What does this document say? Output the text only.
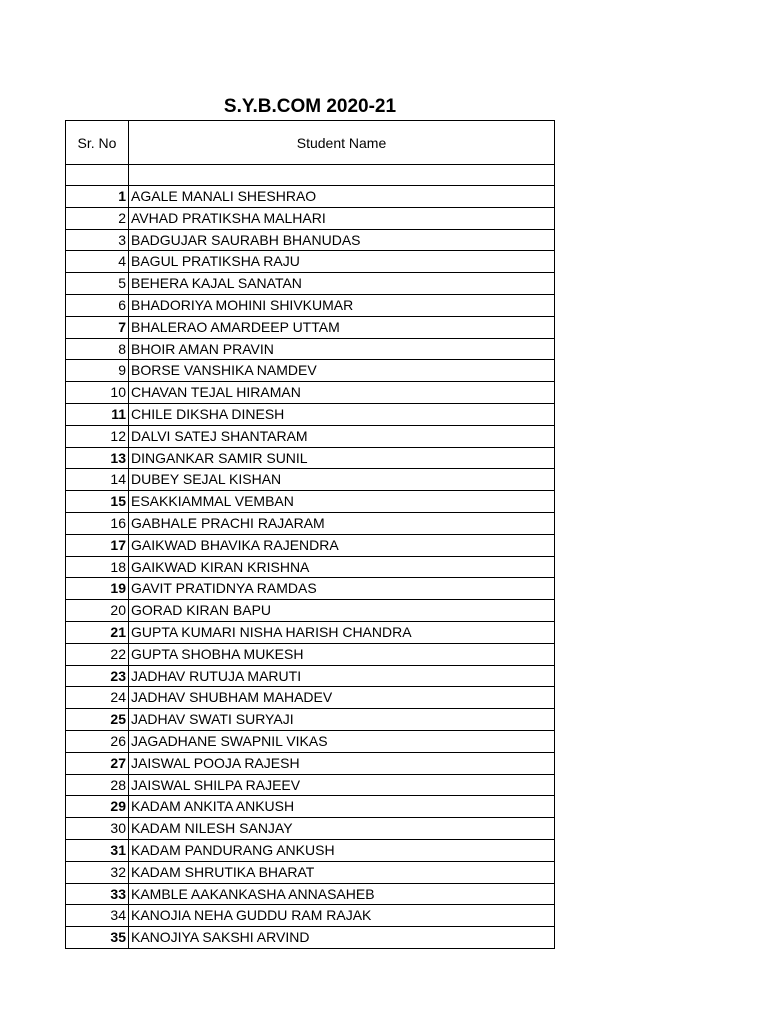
S.Y.B.COM 2020-21
Sr. No	Student Name

1	AGALE MANALI SHESHRAO
2	AVHAD PRATIKSHA MALHARI
3	BADGUJAR SAURABH BHANUDAS
4	BAGUL PRATIKSHA RAJU
5	BEHERA KAJAL SANATAN
6	BHADORIYA MOHINI SHIVKUMAR
7	BHALERAO AMARDEEP UTTAM
8	BHOIR AMAN PRAVIN
9	BORSE VANSHIKA NAMDEV
10	CHAVAN TEJAL HIRAMAN
11	CHILE DIKSHA DINESH
12	DALVI SATEJ SHANTARAM
13	DINGANKAR SAMIR SUNIL
14	DUBEY SEJAL KISHAN
15	ESAKKIAMMAL VEMBAN
16	GABHALE PRACHI RAJARAM
17	GAIKWAD BHAVIKA RAJENDRA
18	GAIKWAD KIRAN KRISHNA
19	GAVIT PRATIDNYA RAMDAS
20	GORAD KIRAN BAPU
21	GUPTA KUMARI NISHA HARISH CHANDRA
22	GUPTA SHOBHA MUKESH
23	JADHAV RUTUJA MARUTI
24	JADHAV SHUBHAM MAHADEV
25	JADHAV SWATI SURYAJI
26	JAGADHANE SWAPNIL VIKAS
27	JAISWAL POOJA RAJESH
28	JAISWAL SHILPA RAJEEV
29	KADAM ANKITA ANKUSH
30	KADAM NILESH SANJAY
31	KADAM PANDURANG ANKUSH
32	KADAM SHRUTIKA BHARAT
33	KAMBLE AAKANKASHA ANNASAHEB
34	KANOJIA NEHA GUDDU RAM RAJAK
35	KANOJIYA SAKSHI ARVIND
